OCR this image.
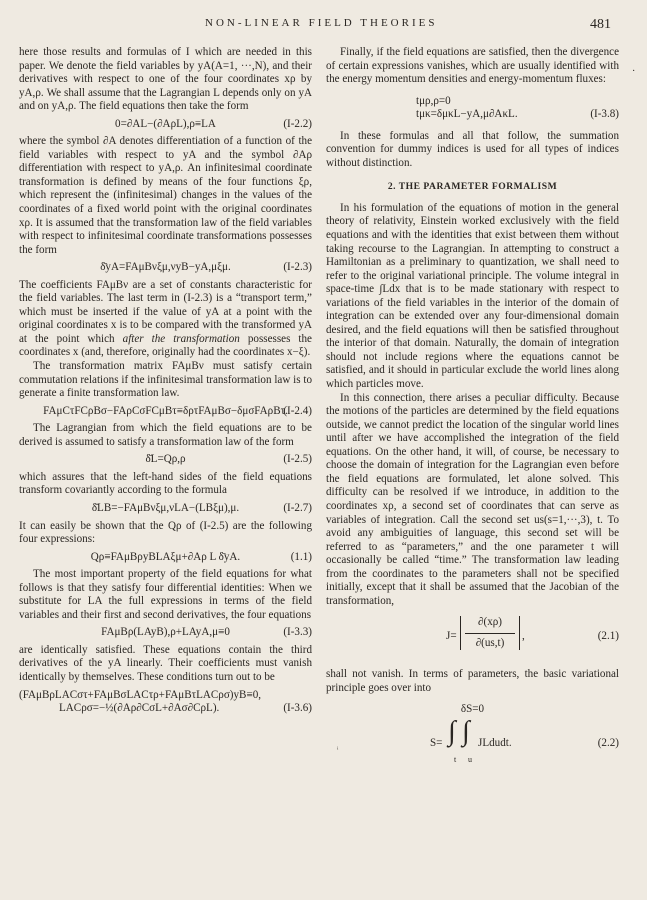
NON-LINEAR FIELD THEORIES	481
·
ᵢ

here those results and formulas of I which are needed in this paper. We denote the field variables by yA(A=1, ···,N), and their derivatives with respect to one of the four coordinates xρ by yA,ρ. We shall assume that the Lagrangian L depends only on yA and on yA,ρ. The field equations then take the form

0=∂AL−(∂AρL),ρ≡LA	(I-2.2)

where the symbol ∂A denotes differentiation of a function of the field variables with respect to yA and the symbol ∂Aρ differentiation with respect to yA,ρ. An infinitesimal coordinate transformation is defined by means of the four functions ξρ, which represent the (infinitesimal) changes in the values of the coordinates of a fixed world point with the original coordinates xρ. It is assumed that the transformation law of the field variables with respect to infinitesimal coordinate transformations possesses the form

δ̄yA=FAμBνξμ,νyB−yA,μξμ.	(I-2.3)

The coefficients FAμBν are a set of constants characteristic for the field variables. The last term in (I-2.3) is a “transport term,” which must be inserted if the value of yA at a point with the original coordinates x is to be compared with the transformed yA at the point which after the transformation possesses the coordinates x (and, therefore, originally had the coordinates x−ξ).

The transformation matrix FAμBν must satisfy certain commutation relations if the infinitesimal transformation law is to generate a finite transformation law.

FAμCτFCρBσ−FAρCσFCμBτ≡δρτFAμBσ−δμσFAρBτ.
(I-2.4)

The Lagrangian from which the field equations are to be derived is assumed to satisfy a transformation law of the form

δ̄L=Qρ,ρ	(I-2.5)

which assures that the left-hand sides of the field equations transform covariantly according to the formula

δ̄LB=−FAμBνξμ,νLA−(LBξμ),μ.	(I-2.7)

It can easily be shown that the Qρ of (I-2.5) are the following four expressions:

Qρ≡FAμBρyBLAξμ+∂Aρ L δ̄yA.	(1.1)

The most important property of the field equations for what follows is that they satisfy four differential identities: When we substitute for LA the full expressions in terms of the field variables and their first and second derivatives, the four equations

FAμBρ(LAyB),ρ+LAyA,μ≡0	(I-3.3)

are identically satisfied. These equations contain the third derivatives of the yA linearly. Their coefficients must vanish identically by themselves. These conditions turn out to be

(FAμBρLACστ+FAμBσLACτρ+FAμBτLACρσ)yB≡0,
LACρσ=−½(∂Aρ∂CσL+∂Aσ∂CρL).	(I-3.6)

Finally, if the field equations are satisfied, then the divergence of certain expressions vanishes, which are usually identified with the energy momentum densities and energy-momentum fluxes:

tμρ,ρ=0
tμκ=δμκL−yA,μ∂AκL.	(I-3.8)

In these formulas and all that follow, the summation convention for dummy indices is used for all types of indices without distinction.

2. THE PARAMETER FORMALISM

In his formulation of the equations of motion in the general theory of relativity, Einstein worked exclusively with the field equations and with the identities that exist between them without taking recourse to the Lagrangian. In attempting to construct a Hamiltonian as a preliminary to quantization, we shall need to refer to the original variational principle. The volume integral in space-time ∫Ldx that is to be made stationary with respect to variations of the field variables in the interior of the domain of integration can be extended over any four-dimensional domain desired, and the field equations will then be satisfied throughout the interior of that domain. Naturally, the domain of integration should not include regions where the equations cannot be satisfied, and it should in particular exclude the world lines along which particles move.

In this connection, there arises a peculiar difficulty. Because the motions of the particles are determined by the field equations outside, we cannot predict the location of the singular world lines until after we have accomplished the integration of the field equations. On the other hand, it will, of course, be necessary to choose the domain of integration for the Lagrangian even before the field equations are formulated, let alone solved. This difficulty can be resolved if we introduce, in addition to the coordinates xρ, a second set of coordinates that can serve as variables of integration. Call the second set us(s=1,···,3), t. To avoid any ambiguities of language, this second set will be referred to as “parameters,” and the one parameter t will occasionally be called “time.” The transformation law leading from the coordinates to the parameters shall not be specified initially, except that it shall be assumed that the Jacobian of the transformation,

$J= \frac{\partial(x\rho)}{\partial(us,t)}$ ,	(2.1)

shall not vanish. In terms of parameters, the basic variational principle goes over into

δS=0
S= ∫
t
∫
u
JLdudt.	(2.2)
